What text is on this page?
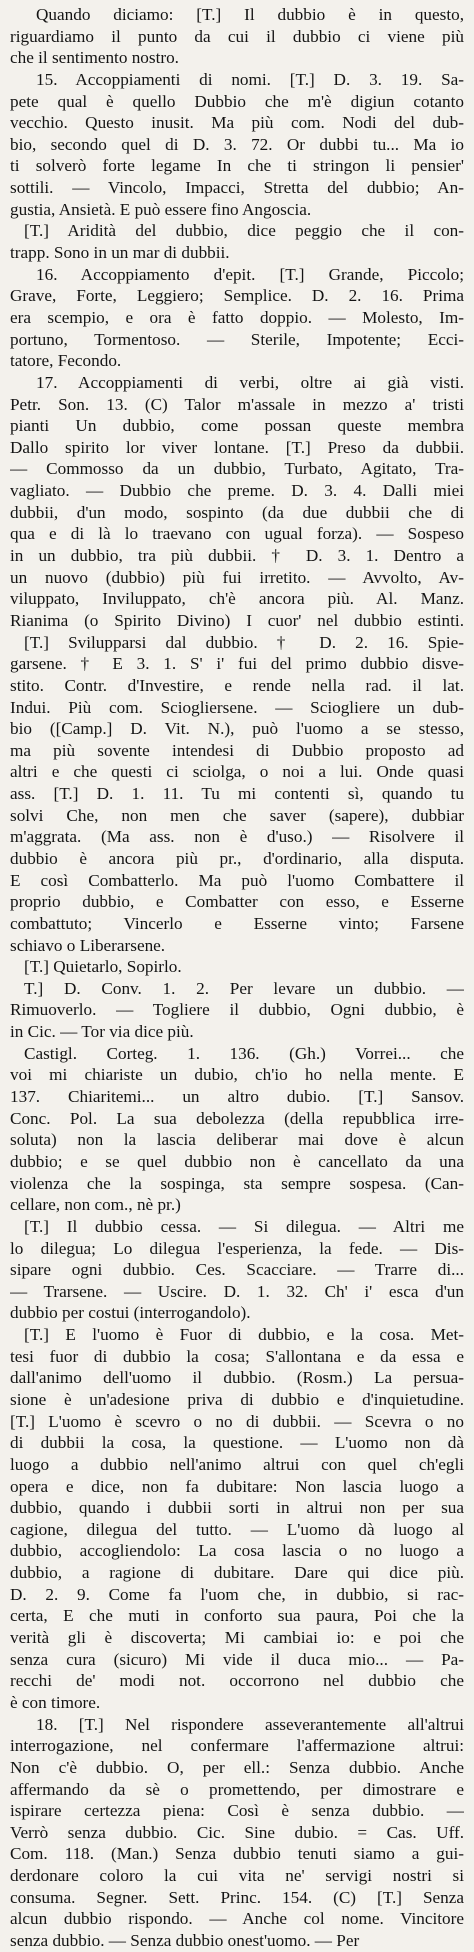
Quando diciamo: [T.] Il dubbio è in questo,
riguardiamo il punto da cui il dubbio ci viene più
che il sentimento nostro.
15. Accoppiamenti di nomi. [T.] D. 3. 19. Sa-
pete qual è quello Dubbio che m'è digiun cotanto
vecchio. Questo inusit. Ma più com. Nodi del dub-
bio, secondo quel di D. 3. 72. Or dubbi tu... Ma io
ti solverò forte legame In che ti stringon li pensier'
sottili. — Vincolo, Impacci, Stretta del dubbio; An-
gustia, Ansietà. E può essere fino Angoscia.
[T.] Aridità del dubbio, dice peggio che il con-
trapp. Sono in un mar di dubbii.
16. Accoppiamento d'epit. [T.] Grande, Piccolo;
Grave, Forte, Leggiero; Semplice. D. 2. 16. Prima
era scempio, e ora è fatto doppio. — Molesto, Im-
portuno, Tormentoso. — Sterile, Impotente; Ecci-
tatore, Fecondo.
17. Accoppiamenti di verbi, oltre ai già visti.
Petr. Son. 13. (C) Talor m'assale in mezzo a' tristi
pianti Un dubbio, come possan queste membra
Dallo spirito lor viver lontane. [T.] Preso da dubbii.
— Commosso da un dubbio, Turbato, Agitato, Tra-
vagliato. — Dubbio che preme. D. 3. 4. Dalli miei
dubbii, d'un modo, sospinto (da due dubbii che di
qua e di là lo traevano con ugual forza). — Sospeso
in un dubbio, tra più dubbii. † D. 3. 1. Dentro a
un nuovo (dubbio) più fui irretito. — Avvolto, Av-
viluppato, Inviluppato, ch'è ancora più. Al. Manz.
Rianima (o Spirito Divino) I cuor' nel dubbio estinti.
[T.] Svilupparsi dal dubbio. † D. 2. 16. Spie-
garsene. † E 3. 1. S' i' fui del primo dubbio disve-
stito. Contr. d'Investire, e rende nella rad. il lat.
Indui. Più com. Sciogliersene. — Sciogliere un dub-
bio ([Camp.] D. Vit. N.), può l'uomo a se stesso,
ma più sovente intendesi di Dubbio proposto ad
altri e che questi ci sciolga, o noi a lui. Onde quasi
ass. [T.] D. 1. 11. Tu mi contenti sì, quando tu
solvi Che, non men che saver (sapere), dubbiar
m'aggrata. (Ma ass. non è d'uso.) — Risolvere il
dubbio è ancora più pr., d'ordinario, alla disputa.
E così Combatterlo. Ma può l'uomo Combattere il
proprio dubbio, e Combatter con esso, e Esserne
combattuto; Vincerlo e Esserne vinto; Farsene
schiavo o Liberarsene.
[T.] Quietarlo, Sopirlo.
T.] D. Conv. 1. 2. Per levare un dubbio. —
Rimuoverlo. — Togliere il dubbio, Ogni dubbio, è
in Cic. — Tor via dice più.
Castigl. Corteg. 1. 136. (Gh.) Vorrei... che
voi mi chiariste un dubio, ch'io ho nella mente. E
137. Chiaritemi... un altro dubio. [T.] Sansov.
Conc. Pol. La sua debolezza (della repubblica irre-
soluta) non la lascia deliberar mai dove è alcun
dubbio; e se quel dubbio non è cancellato da una
violenza che la sospinga, sta sempre sospesa. (Can-
cellare, non com., nè pr.)
[T.] Il dubbio cessa. — Si dilegua. — Altri me
lo dilegua; Lo dilegua l'esperienza, la fede. — Dis-
sipare ogni dubbio. Ces. Scacciare. — Trarre di...
— Trarsene. — Uscire. D. 1. 32. Ch' i' esca d'un
dubbio per costui (interrogandolo).
[T.] E l'uomo è Fuor di dubbio, e la cosa. Met-
tesi fuor di dubbio la cosa; S'allontana e da essa e
dall'animo dell'uomo il dubbio. (Rosm.) La persua-
sione è un'adesione priva di dubbio e d'inquietudine.
[T.] L'uomo è scevro o no di dubbii. — Scevra o no
di dubbii la cosa, la questione. — L'uomo non dà
luogo a dubbio nell'animo altrui con quel ch'egli
opera e dice, non fa dubitare: Non lascia luogo a
dubbio, quando i dubbii sorti in altrui non per sua
cagione, dilegua del tutto. — L'uomo dà luogo al
dubbio, accogliendolo: La cosa lascia o no luogo a
dubbio, a ragione di dubitare. Dare qui dice più.
D. 2. 9. Come fa l'uom che, in dubbio, si rac-
certa, E che muti in conforto sua paura, Poi che la
verità gli è discoverta; Mi cambiai io: e poi che
senza cura (sicuro) Mi vide il duca mio... — Pa-
recchi de' modi not. occorrono nel dubbio che
è con timore.
18. [T.] Nel rispondere asseverantemente all'altrui
interrogazione, nel confermare l'affermazione altrui:
Non c'è dubbio. O, per ell.: Senza dubbio. Anche
affermando da sè o promettendo, per dimostrare e
ispirare certezza piena: Così è senza dubbio. —
Verrò senza dubbio. Cic. Sine dubio. = Cas. Uff.
Com. 118. (Man.) Senza dubbio tenuti siamo a gui-
derdonare coloro la cui vita ne' servigi nostri si
consuma. Segner. Sett. Princ. 154. (C) [T.] Senza
alcun dubbio rispondo. — Anche col nome. Vincitore
senza dubbio. — Senza dubbio onest'uomo. — Per
